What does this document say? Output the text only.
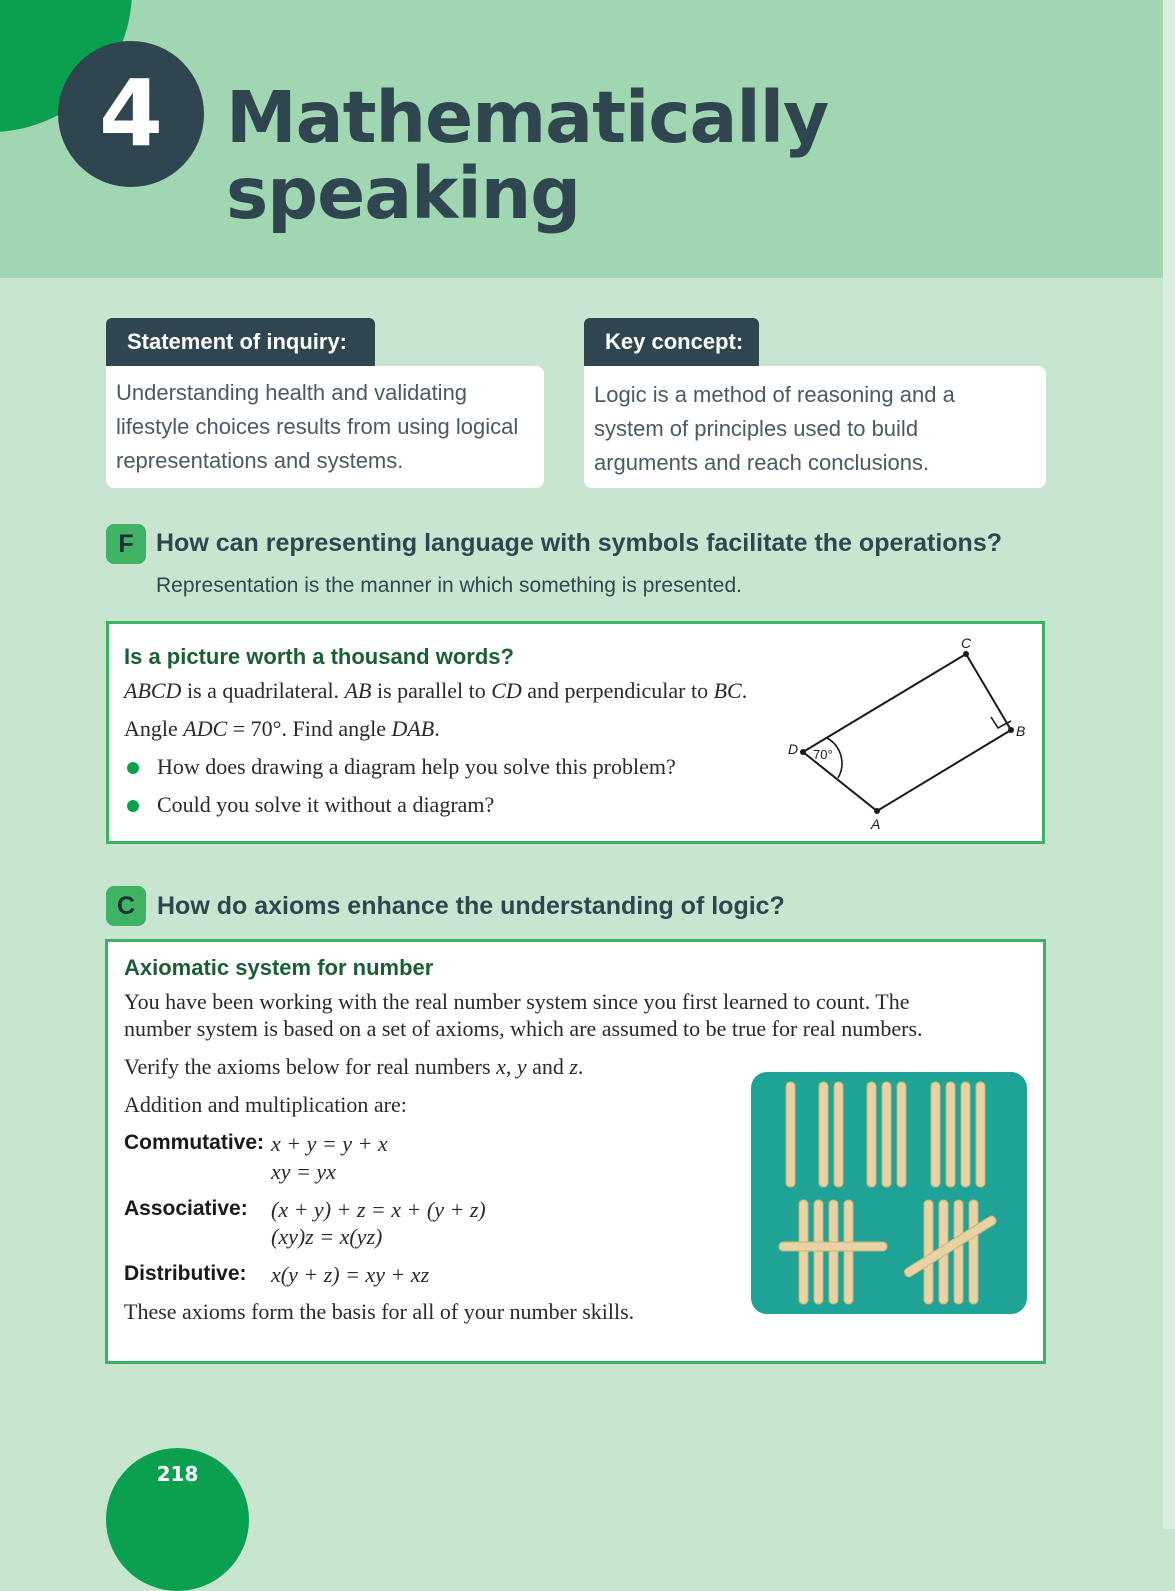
4 Mathematically
speaking
Statement of inquiry:
Understanding health and validating
lifestyle choices results from using logical
representations and systems.
Key concept:
Logic is a method of reasoning and a
system of principles used to build
arguments and reach conclusions.
F How can representing language with symbols facilitate the operations?
Representation is the manner in which something is presented.
Is a picture worth a thousand words?
ABCD is a quadrilateral. AB is parallel to CD and perpendicular to BC.
Angle ADC = 70°. Find angle DAB.
How does drawing a diagram help you solve this problem?
Could you solve it without a diagram?
D
C
B
A
70°
C How do axioms enhance the understanding of logic?
Axiomatic system for number
You have been working with the real number system since you first learned to count. The
number system is based on a set of axioms, which are assumed to be true for real numbers.
Verify the axioms below for real numbers x, y and z.
Addition and multiplication are:
Commutative: x + y = y + x
xy = yx
Associative: (x + y) + z = x + (y + z)
(xy)z = x(yz)
Distributive: x(y + z) = xy + xz
These axioms form the basis for all of your number skills.
218
